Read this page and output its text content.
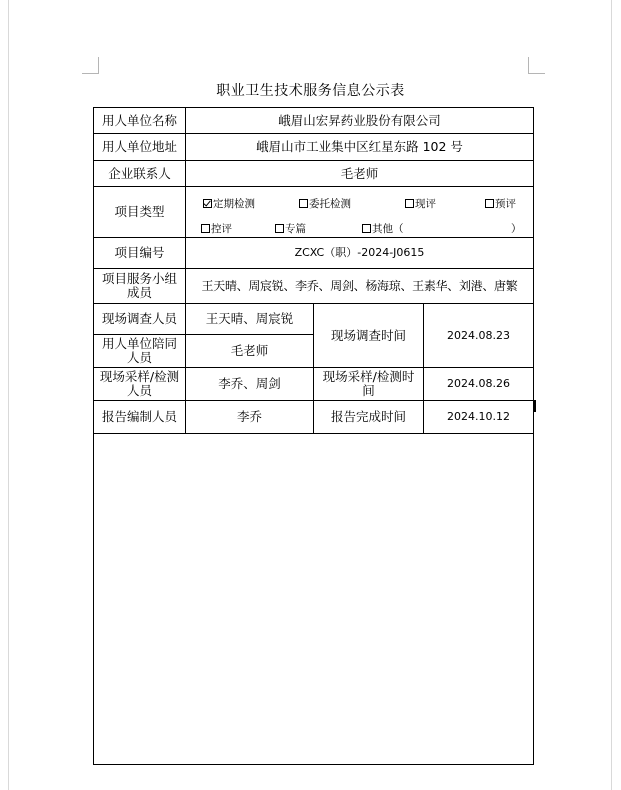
职业卫生技术服务信息公示表
用人单位名称	峨眉山宏昇药业股份有限公司
用人单位地址	峨眉山市工业集中区红星东路 102 号
企业联系人	毛老师
项目类型	定期检测	委托检测	现评	预评
控评	专篇	其他（	）
项目编号	ZCXC（职）-2024-J0615
项目服务小组成员	王天晴、周宸锐、李乔、周剑、杨海琼、王素华、刘港、唐繁
现场调查人员	王天晴、周宸锐
现场调查时间	2024.08.23
用人单位陪同人员	毛老师
现场采样/检测人员	李乔、周剑	现场采样/检测时间	2024.08.26
报告编制人员	李乔	报告完成时间	2024.10.12
